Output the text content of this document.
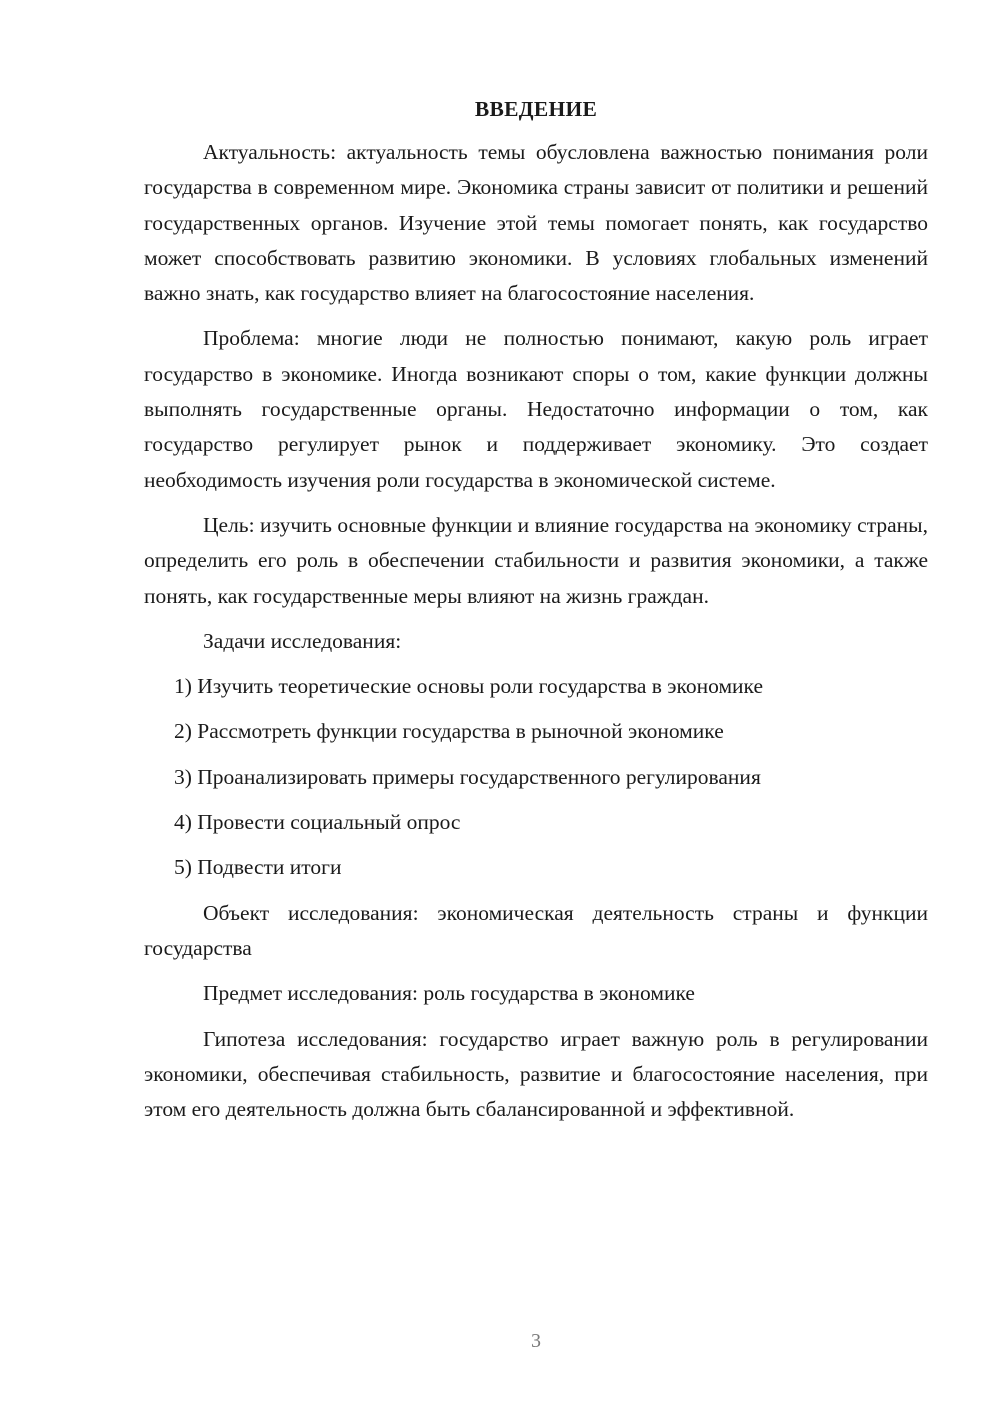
ВВЕДЕНИЕ

Актуальность: актуальность темы обусловлена важностью понимания роли государства в современном мире. Экономика страны зависит от политики и решений государственных органов. Изучение этой темы помогает понять, как государство может способствовать развитию экономики. В условиях глобальных изменений важно знать, как государство влияет на благосостояние населения.

Проблема: многие люди не полностью понимают, какую роль играет государство в экономике. Иногда возникают споры о том, какие функции должны выполнять государственные органы. Недостаточно информации о том, как государство регулирует рынок и поддерживает экономику. Это создает необходимость изучения роли государства в экономической системе.

Цель: изучить основные функции и влияние государства на экономику страны, определить его роль в обеспечении стабильности и развития экономики, а также понять, как государственные меры влияют на жизнь граждан.

Задачи исследования:

1) Изучить теоретические основы роли государства в экономике
2) Рассмотреть функции государства в рыночной экономике
3) Проанализировать примеры государственного регулирования
4) Провести социальный опрос
5) Подвести итоги

Объект исследования: экономическая деятельность страны и функции государства

Предмет исследования: роль государства в экономике

Гипотеза исследования: государство играет важную роль в регулировании экономики, обеспечивая стабильность, развитие и благосостояние населения, при этом его деятельность должна быть сбалансированной и эффективной.

3
